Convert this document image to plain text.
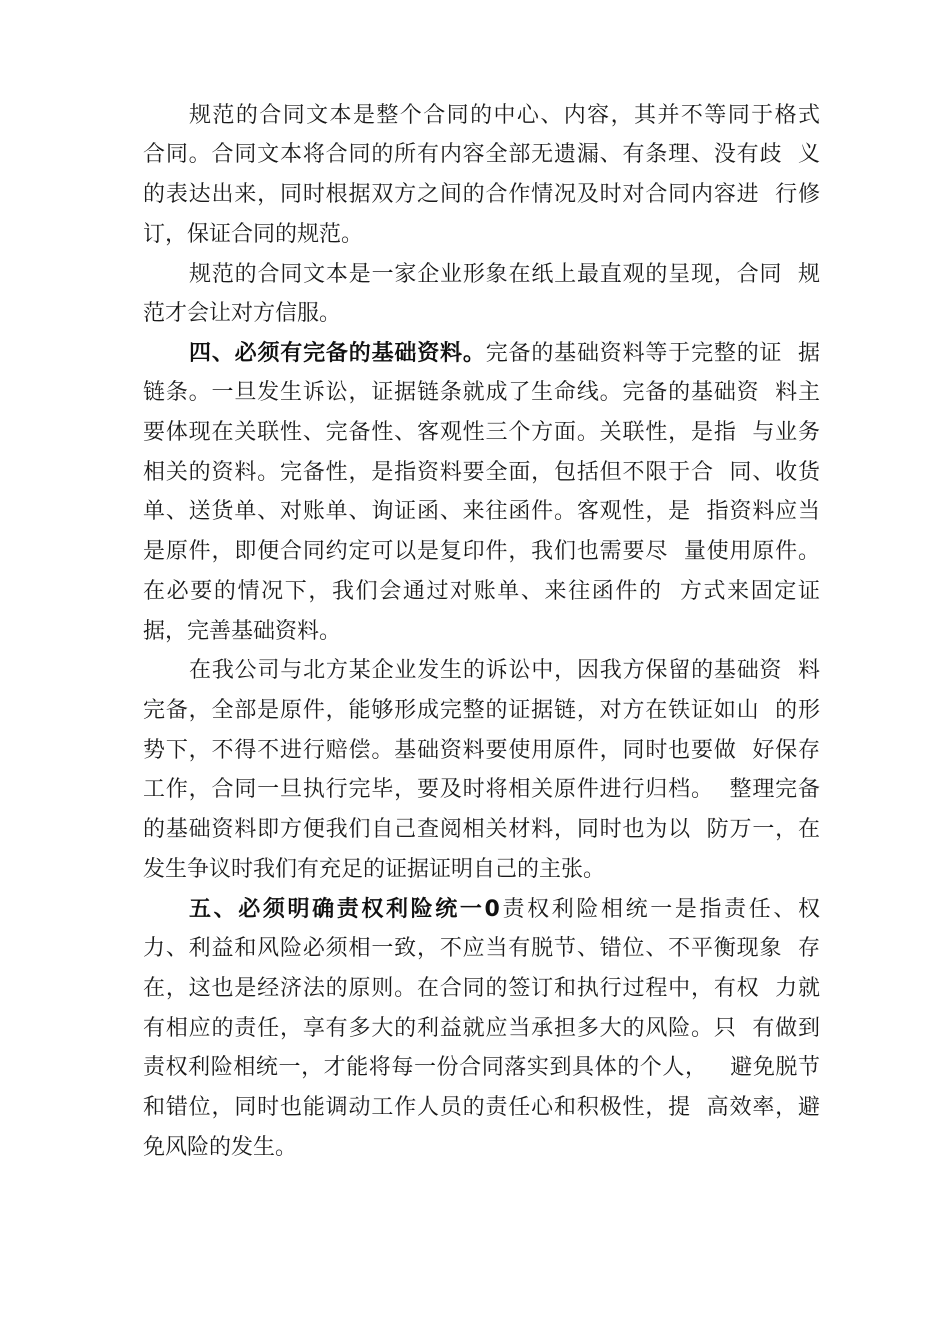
规范的合同文本是整个合同的中心、内容，其并不等同于格式

合同。合同文本将合同的所有内容全部无遗漏、有条理、没有歧  义

的表达出来，同时根据双方之间的合作情况及时对合同内容进  行修

订，保证合同的规范。

规范的合同文本是一家企业形象在纸上最直观的呈现，合同  规

范才会让对方信服。

四、必须有完备的基础资料。完备的基础资料等于完整的证  据

链条。一旦发生诉讼，证据链条就成了生命线。完备的基础资  料主

要体现在关联性、完备性、客观性三个方面。关联性，是指  与业务

相关的资料。完备性，是指资料要全面，包括但不限于合  同、收货

单、送货单、对账单、询证函、来往函件。客观性，是  指资料应当

是原件，即便合同约定可以是复印件，我们也需要尽  量使用原件。

在必要的情况下，我们会通过对账单、来往函件的  方式来固定证

据，完善基础资料。

在我公司与北方某企业发生的诉讼中，因我方保留的基础资  料

完备，全部是原件，能够形成完整的证据链，对方在铁证如山  的形

势下，不得不进行赔偿。基础资料要使用原件，同时也要做  好保存

工作，合同一旦执行完毕，要及时将相关原件进行归档。  整理完备

的基础资料即方便我们自己查阅相关材料，同时也为以  防万一，在

发生争议时我们有充足的证据证明自己的主张。

五、必须明确责权利险统一0责权利险相统一是指责任、权

力、利益和风险必须相一致，不应当有脱节、错位、不平衡现象  存

在，这也是经济法的原则。在合同的签订和执行过程中，有权  力就

有相应的责任，享有多大的利益就应当承担多大的风险。只  有做到

责权利险相统一，才能将每一份合同落实到具体的个人，   避免脱节

和错位，同时也能调动工作人员的责任心和积极性，提  高效率，避

免风险的发生。
